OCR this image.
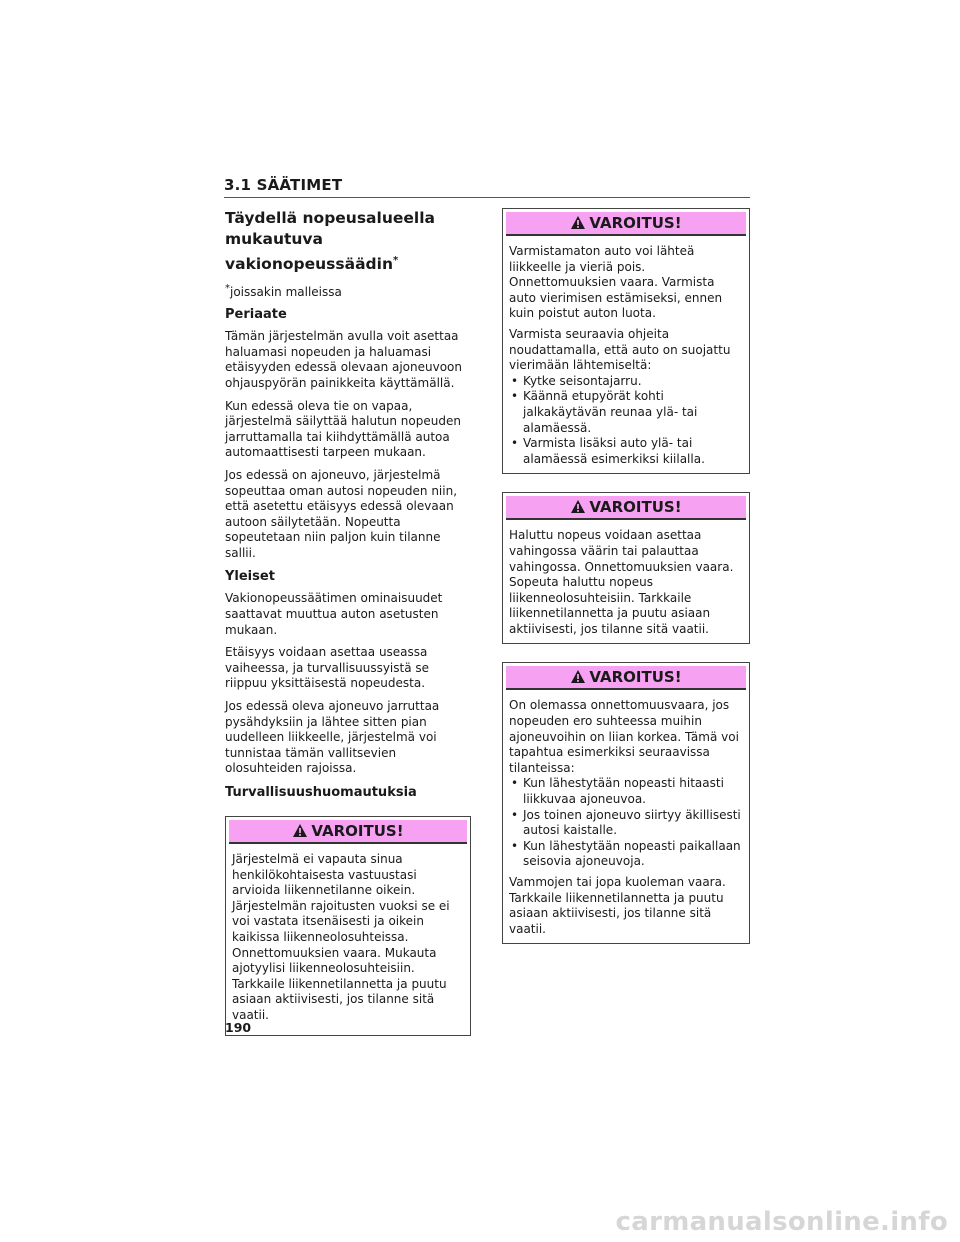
3.1 SÄÄTIMET
Täydellä nopeusalueella
mukautuva vakionopeussäädin*
*joissakin malleissa
Periaate

Tämän järjestelmän avulla voit asettaa haluamasi nopeuden ja haluamasi etäisyyden edessä olevaan ajoneuvoon ohjauspyörän painikkeita käyttämällä.

Kun edessä oleva tie on vapaa, järjestelmä säilyttää halutun nopeuden jarruttamalla tai kiihdyttämällä autoa automaattisesti tarpeen mukaan.

Jos edessä on ajoneuvo, järjestelmä sopeuttaa oman autosi nopeuden niin, että asetettu etäisyys edessä olevaan autoon säilytetään. Nopeutta sopeutetaan niin paljon kuin tilanne sallii.

Yleiset

Vakionopeussäätimen ominaisuudet saattavat muuttua auton asetusten mukaan.

Etäisyys voidaan asettaa useassa vaiheessa, ja turvallisuussyistä se riippuu yksittäisestä nopeudesta.

Jos edessä oleva ajoneuvo jarruttaa pysähdyksiin ja lähtee sitten pian uudelleen liikkeelle, järjestelmä voi tunnistaa tämän vallitsevien olosuhteiden rajoissa.

Turvallisuushuomautuksia
VAROITUS!

Järjestelmä ei vapauta sinua henkilökohtaisesta vastuustasi arvioida liikennetilanne oikein. Järjestelmän rajoitusten vuoksi se ei voi vastata itsenäisesti ja oikein kaikissa liikenneolosuhteissa. Onnettomuuksien vaara. Mukauta ajotyylisi liikenneolosuhteisiin. Tarkkaile liikennetilannetta ja puutu asiaan aktiivisesti, jos tilanne sitä vaatii.

VAROITUS!

Varmistamaton auto voi lähteä liikkeelle ja vieriä pois. Onnettomuuksien vaara. Varmista auto vierimisen estämiseksi, ennen kuin poistut auton luota.

Varmista seuraavia ohjeita noudattamalla, että auto on suojattu vierimään lähtemiseltä:

• Kytke seisontajarru.
• Käännä etupyörät kohti jalkakäytävän reunaa ylä- tai alamäessä.
• Varmista lisäksi auto ylä- tai alamäessä esimerkiksi kiilalla.
VAROITUS!

Haluttu nopeus voidaan asettaa vahingossa väärin tai palauttaa vahingossa. Onnettomuuksien vaara. Sopeuta haluttu nopeus liikenneolosuhteisiin. Tarkkaile liikennetilannetta ja puutu asiaan aktiivisesti, jos tilanne sitä vaatii.

VAROITUS!

On olemassa onnettomuusvaara, jos nopeuden ero suhteessa muihin ajoneuvoihin on liian korkea. Tämä voi tapahtua esimerkiksi seuraavissa tilanteissa:

• Kun lähestytään nopeasti hitaasti liikkuvaa ajoneuvoa.
• Jos toinen ajoneuvo siirtyy äkillisesti autosi kaistalle.
• Kun lähestytään nopeasti paikallaan seisovia ajoneuvoja.

Vammojen tai jopa kuoleman vaara. Tarkkaile liikennetilannetta ja puutu asiaan aktiivisesti, jos tilanne sitä vaatii.

190
carmanualsonline.info
